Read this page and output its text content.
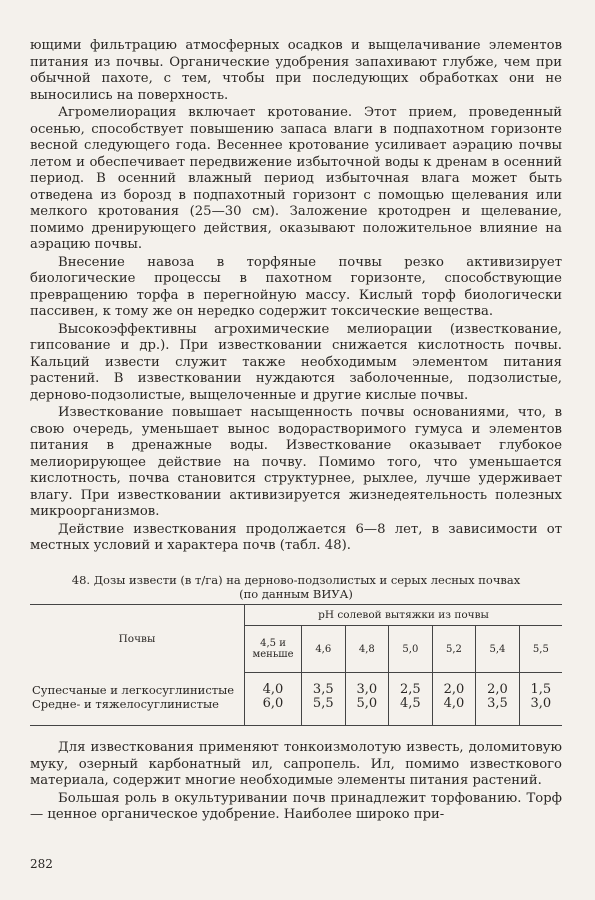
ющими фильтрацию атмосферных осадков и выщелачивание элементов питания из почвы. Органические удобрения запахивают глубже, чем при обычной пахоте, с тем, чтобы при последующих обработках они не выносились на поверхность.

Агромелиорация включает кротование. Этот прием, проведенный осенью, способствует повышению запаса влаги в подпахотном горизонте весной следующего года. Весеннее кротование усиливает аэрацию почвы летом и обеспечивает передвижение избыточной воды к дренам в осенний период. В осенний влажный период избыточная влага может быть отведена из борозд в подпахотный горизонт с помощью щелевания или мелкого кротования (25—30 см). Заложение кротодрен и щелевание, помимо дренирующего действия, оказывают положительное влияние на аэрацию почвы.

Внесение навоза в торфяные почвы резко активизирует биологические процессы в пахотном горизонте, способствующие превращению торфа в перегнойную массу. Кислый торф биологически пассивен, к тому же он нередко содержит токсические вещества.

Высокоэффективны агрохимические мелиорации (известкование, гипсование и др.). При известковании снижается кислотность почвы. Кальций извести служит также необходимым элементом питания растений. В известковании нуждаются заболоченные, подзолистые, дерново-подзолистые, выщелоченные и другие кислые почвы.

Известкование повышает насыщенность почвы основаниями, что, в свою очередь, уменьшает вынос водорастворимого гумуса и элементов питания в дренажные воды. Известкование оказывает глубокое мелиорирующее действие на почву. Помимо того, что уменьшается кислотность, почва становится структурнее, рыхлее, лучше удерживает влагу. При известковании активизируется жизнедеятельность полезных микроорганизмов.

Действие известкования продолжается 6—8 лет, в зависимости от местных условий и характера почв (табл. 48).

48. Дозы извести (в т/га) на дерново-подзолистых и серых лесных почвах
(по данным ВИУА)
Почвы	pH солевой вытяжки из почвы						
	4,5 и меньше	4,6	4,8	5,0	5,2	5,4	5,5

Супесчаные и легкосуглинистые	4,0	3,5	3,0	2,5	2,0	2,0	1,5
Средне- и тяжелосуглинистые	6,0	5,5	5,0	4,5	4,0	3,5	3,0

Для известкования применяют тонкоизмолотую известь, доломитовую муку, озерный карбонатный ил, сапропель. Ил, помимо известкового материала, содержит многие необходимые элементы питания растений.

Большая роль в окультуривании почв принадлежит торфованию. Торф — ценное органическое удобрение. Наиболее широко при-

282
